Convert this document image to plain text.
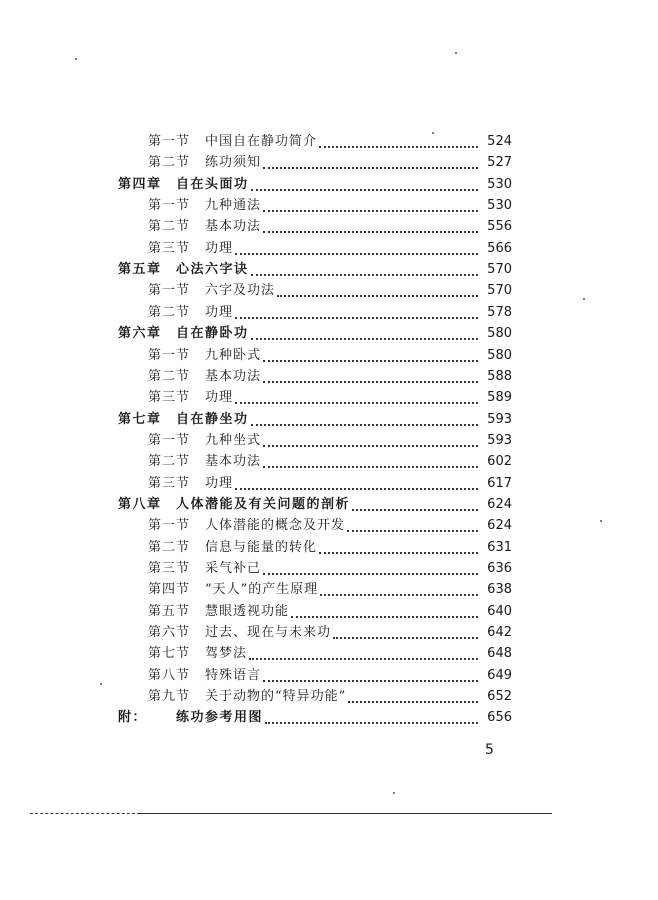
第一节 中国自在静功简介	524
第二节 练功须知	527
第四章 自在头面功	530
第一节 九种通法	530
第二节 基本功法	556
第三节 功理	566
第五章 心法六字诀	570
第一节 六字及功法	570
第二节 功理	578
第六章 自在静卧功	580
第一节 九种卧式	580
第二节 基本功法	588
第三节 功理	589
第七章 自在静坐功	593
第一节 九种坐式	593
第二节 基本功法	602
第三节 功理	617
第八章 人体潜能及有关问题的剖析	624
第一节 人体潜能的概念及开发	624
第二节 信息与能量的转化	631
第三节 采气补己	636
第四节 “天人”的产生原理	638
第五节 慧眼透视功能	640
第六节 过去、现在与未来功	642
第七节 驾梦法	648
第八节 特殊语言	649
第九节 关于动物的“特异功能”	652
附： 练功参考用图	656
5
